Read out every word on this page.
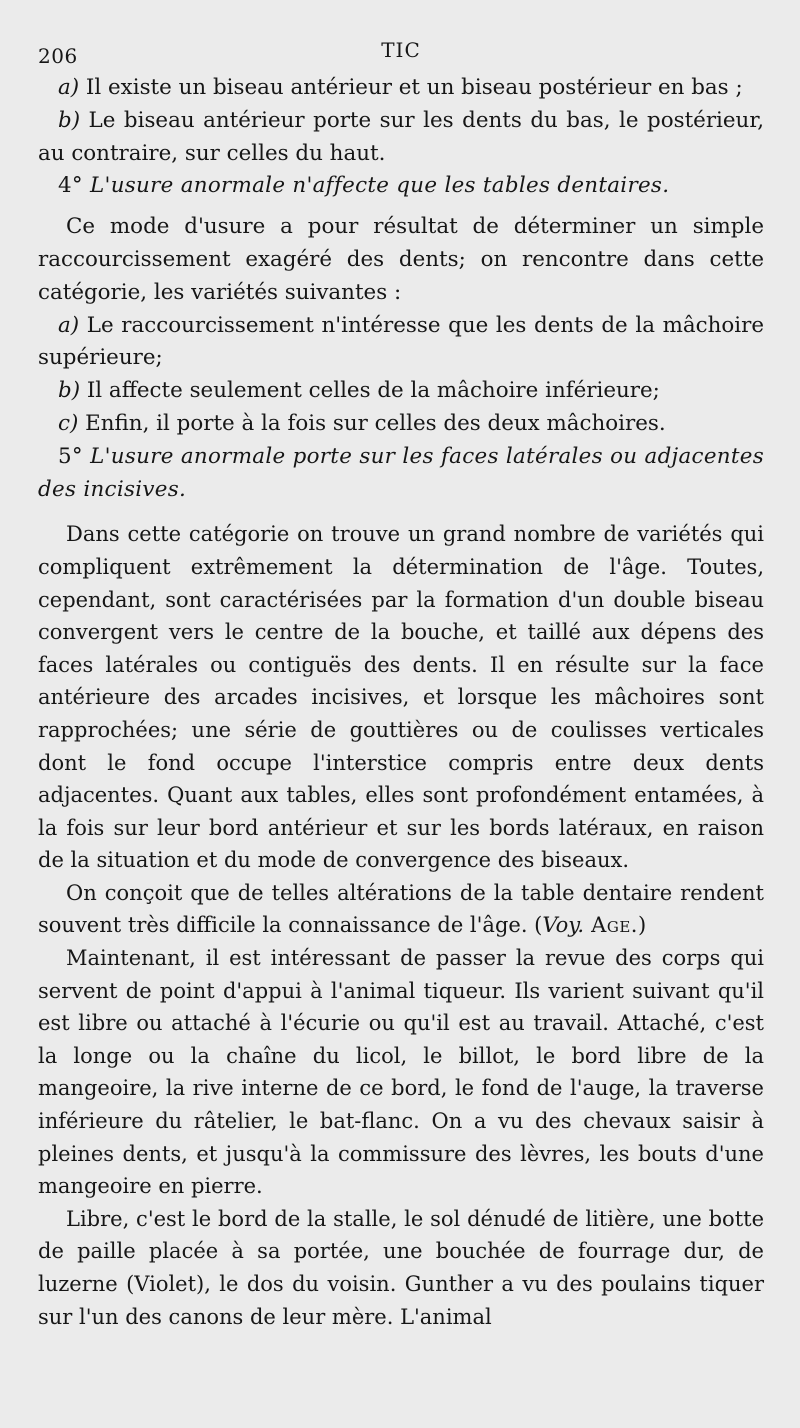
206	TIC

a) Il existe un biseau antérieur et un biseau postérieur en bas ;

b) Le biseau antérieur porte sur les dents du bas, le postérieur, au contraire, sur celles du haut.

4° L'usure anormale n'affecte que les tables dentaires.

Ce mode d'usure a pour résultat de déterminer un simple raccourcissement exagéré des dents; on rencontre dans cette catégorie, les variétés suivantes :

a) Le raccourcissement n'intéresse que les dents de la mâchoire supérieure;

b) Il affecte seulement celles de la mâchoire inférieure;

c) Enfin, il porte à la fois sur celles des deux mâchoires.

5° L'usure anormale porte sur les faces latérales ou adjacentes des incisives.

Dans cette catégorie on trouve un grand nombre de variétés qui compliquent extrêmement la détermination de l'âge. Toutes, cependant, sont caractérisées par la formation d'un double biseau convergent vers le centre de la bouche, et taillé aux dépens des faces latérales ou contiguës des dents. Il en résulte sur la face antérieure des arcades incisives, et lorsque les mâchoires sont rapprochées; une série de gouttières ou de coulisses verticales dont le fond occupe l'interstice compris entre deux dents adjacentes. Quant aux tables, elles sont profondément entamées, à la fois sur leur bord antérieur et sur les bords latéraux, en raison de la situation et du mode de convergence des biseaux.

On conçoit que de telles altérations de la table dentaire rendent souvent très difficile la connaissance de l'âge. (Voy. Age.)

Maintenant, il est intéressant de passer la revue des corps qui servent de point d'appui à l'animal tiqueur. Ils varient suivant qu'il est libre ou attaché à l'écurie ou qu'il est au travail. Attaché, c'est la longe ou la chaîne du licol, le billot, le bord libre de la mangeoire, la rive interne de ce bord, le fond de l'auge, la traverse inférieure du râtelier, le bat-flanc. On a vu des chevaux saisir à pleines dents, et jusqu'à la commissure des lèvres, les bouts d'une mangeoire en pierre.

Libre, c'est le bord de la stalle, le sol dénudé de litière, une botte de paille placée à sa portée, une bouchée de fourrage dur, de luzerne (Violet), le dos du voisin. Gunther a vu des poulains tiquer sur l'un des canons de leur mère. L'animal
